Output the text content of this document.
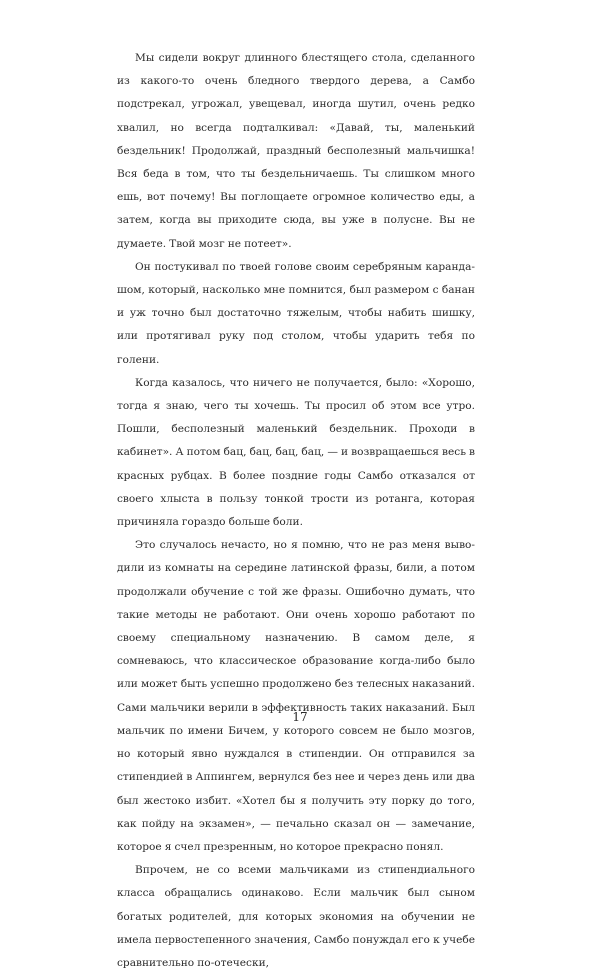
Мы сидели вокруг длинного блестящего стола, сделанного из какого-то очень бледного твердого дерева, а Самбо подстрекал, угрожал, увещевал, иногда шутил, очень редко хвалил, но всегда подталкивал: «Давай, ты, маленький бездельник! Продолжай, праздный бесполезный мальчишка! Вся беда в том, что ты бездельничаешь. Ты слишком много ешь, вот почему! Вы поглощаете огромное количество еды, а затем, когда вы приходите сюда, вы уже в полусне. Вы не думаете. Твой мозг не потеет».

Он постукивал по твоей голове своим серебряным карандашом, который, насколько мне помнится, был размером с банан и уж точно был достаточно тяжелым, чтобы набить шишку, или протягивал руку под столом, чтобы ударить тебя по голени.

Когда казалось, что ничего не получается, было: «Хорошо, тогда я знаю, чего ты хочешь. Ты просил об этом все утро. Пошли, бесполезный маленький бездельник. Проходи в кабинет». А потом бац, бац, бац, бац, — и возвращаешься весь в красных рубцах. В более поздние годы Самбо отказался от своего хлыста в пользу тонкой трости из ротанга, которая причиняла гораздо больше боли.

Это случалось нечасто, но я помню, что не раз меня выводили из комнаты на середине латинской фразы, били, а потом продолжали обучение с той же фразы. Ошибочно думать, что такие методы не работают. Они очень хорошо работают по своему специальному назначению. В самом деле, я сомневаюсь, что классическое образование когда-либо было или может быть успешно продолжено без телесных наказаний. Сами мальчики верили в эффективность таких наказаний. Был мальчик по имени Бичем, у которого совсем не было мозгов, но который явно нуждался в стипендии. Он отправился за стипендией в Аппингем, вернулся без нее и через день или два был жестоко избит. «Хотел бы я получить эту порку до того, как пойду на экзамен», — печально сказал он — замечание, которое я счел презренным, но которое прекрасно понял.

Впрочем, не со всеми мальчиками из стипендиального класса обращались одинаково. Если мальчик был сыном богатых родителей, для которых экономия на обучении не имела первостепенного значения, Самбо понуждал его к учебе сравнительно по-отечески,

17
